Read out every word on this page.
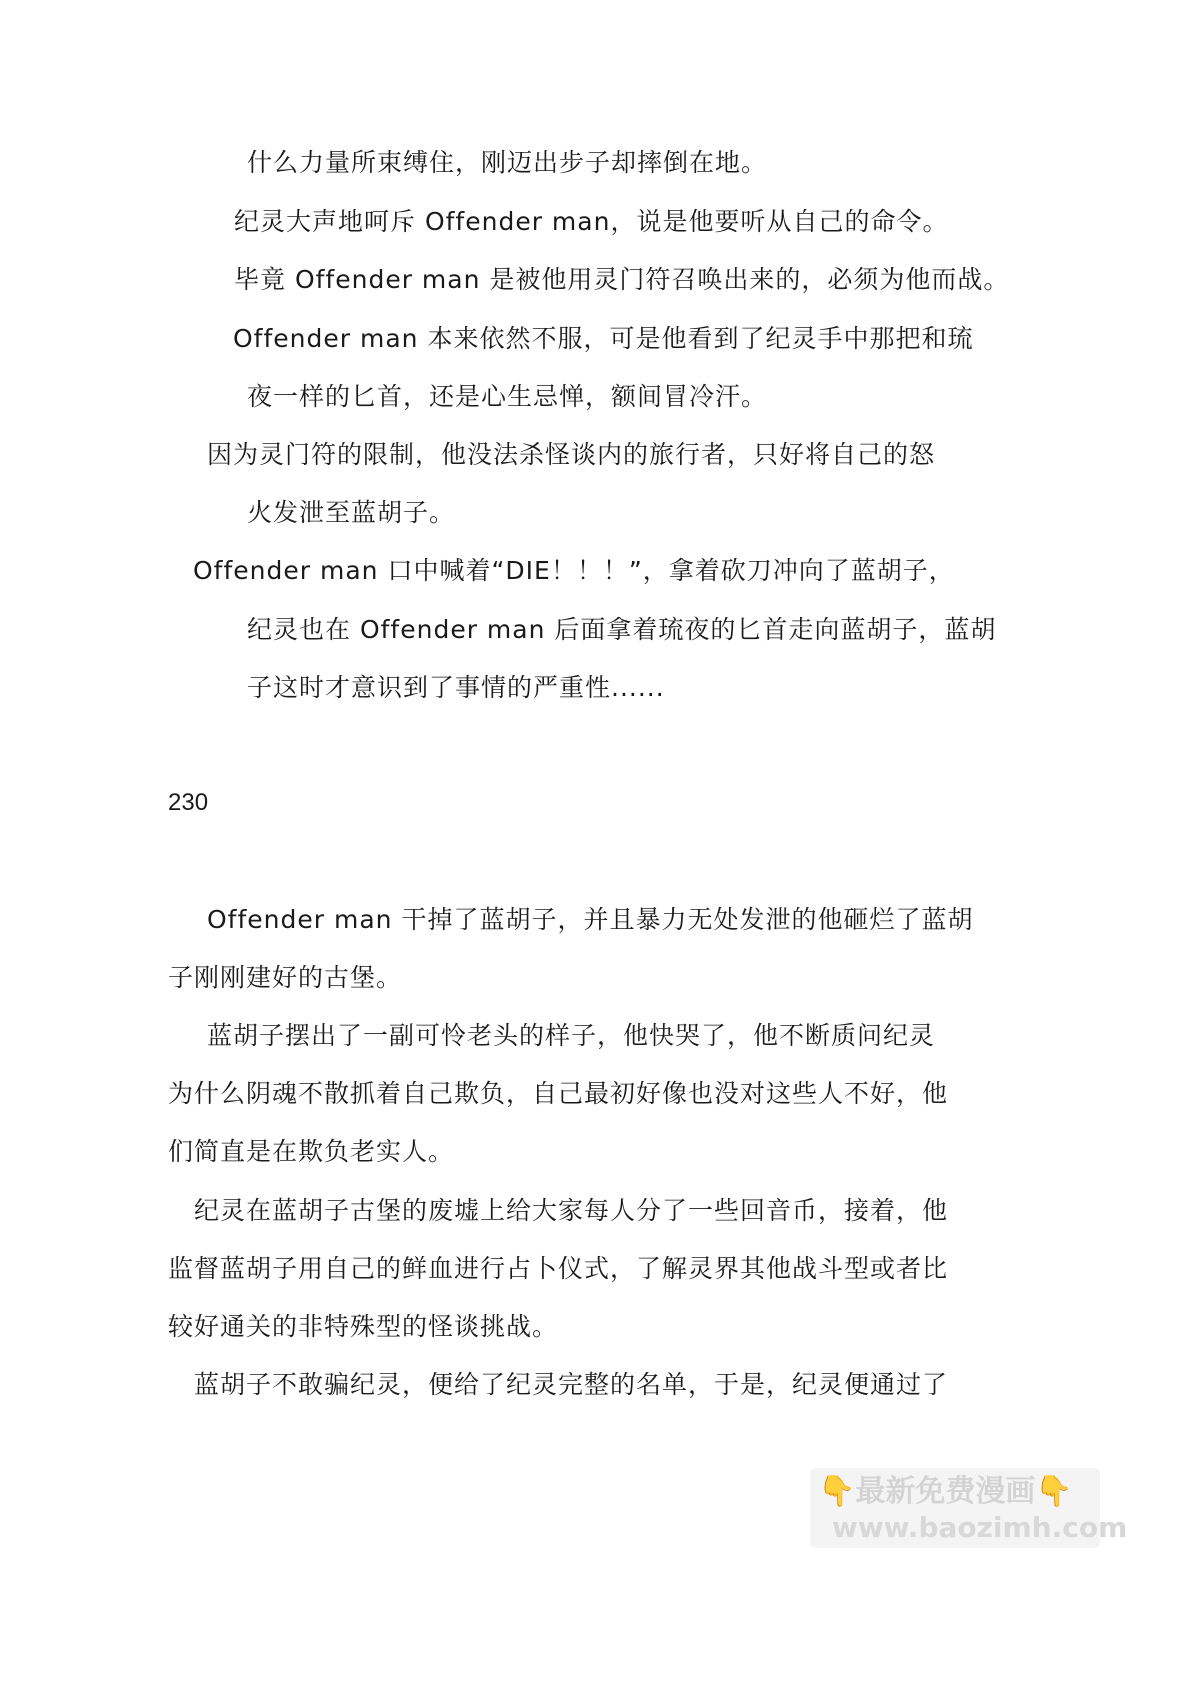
什么力量所束缚住，刚迈出步子却摔倒在地。
纪灵大声地呵斥 Offender man，说是他要听从自己的命令。
毕竟 Offender man 是被他用灵门符召唤出来的，必须为他而战。
Offender man 本来依然不服，可是他看到了纪灵手中那把和琉
夜一样的匕首，还是心生忌惮，额间冒冷汗。
因为灵门符的限制，他没法杀怪谈内的旅行者，只好将自己的怒
火发泄至蓝胡子。
Offender man 口中喊着“DIE！！！”，拿着砍刀冲向了蓝胡子，
纪灵也在 Offender man 后面拿着琉夜的匕首走向蓝胡子，蓝胡
子这时才意识到了事情的严重性......
230
Offender man 干掉了蓝胡子，并且暴力无处发泄的他砸烂了蓝胡
子刚刚建好的古堡。
蓝胡子摆出了一副可怜老头的样子，他快哭了，他不断质问纪灵
为什么阴魂不散抓着自己欺负，自己最初好像也没对这些人不好，他
们简直是在欺负老实人。
纪灵在蓝胡子古堡的废墟上给大家每人分了一些回音币，接着，他
监督蓝胡子用自己的鲜血进行占卜仪式，了解灵界其他战斗型或者比
较好通关的非特殊型的怪谈挑战。
蓝胡子不敢骗纪灵，便给了纪灵完整的名单，于是，纪灵便通过了
👇最新免费漫画👇
www.baozimh.com
